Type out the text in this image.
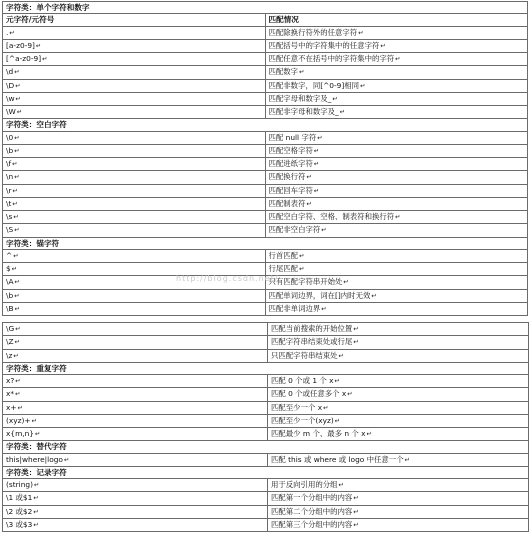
字符类：单个字符和数字	
元字符/元符号	匹配情况
.↵	匹配除换行符外的任意字符↵
[a-z0-9]↵	匹配括号中的字符集中的任意字符↵
[^a-z0-9]↵	匹配任意不在括号中的字符集中的字符↵
\d↵	匹配数字↵
\D↵	匹配非数字，同[^0-9]相同↵
\w↵	匹配字母和数字及_↵
\W↵	匹配非字母和数字及_↵
字符类：空白字符	
\0↵	匹配 null 字符↵
\b↵	匹配空格字符↵
\f↵	匹配进纸字符↵
\n↵	匹配换行符↵
\r↵	匹配回车字符↵
\t↵	匹配制表符↵
\s↵	匹配空白字符、空格、制表符和换行符↵
\S↵	匹配非空白字符↵
字符类：锚字符	
^↵	行首匹配↵
$↵	行尾匹配↵
\A↵	只有匹配字符串开始处↵
\b↵	匹配单词边界，词在[]内时无效↵
\B↵	匹配非单词边界↵
\G↵	匹配当前搜索的开始位置↵
\Z↵	匹配字符串结束处或行尾↵
\z↵	只匹配字符串结束处↵
字符类：重复字符	
x?↵	匹配 0 个或 1 个 x↵
x*↵	匹配 0 个或任意多个 x↵
x+↵	匹配至少一个 x↵
(xyz)+↵	匹配至少一个(xyz)↵
x{m,n}↵	匹配最少 m 个、最多 n 个 x↵
字符类：替代字符	
this|where|logo↵	匹配 this 或 where 或 logo 中任意一个↵
字符类：记录字符	
(string)↵	用于反向引用的分组↵
\1 或$1↵	匹配第一个分组中的内容↵
\2 或$2↵	匹配第二个分组中的内容↵
\3 或$3↵	匹配第三个分组中的内容↵
http://blog.csdn.net/
